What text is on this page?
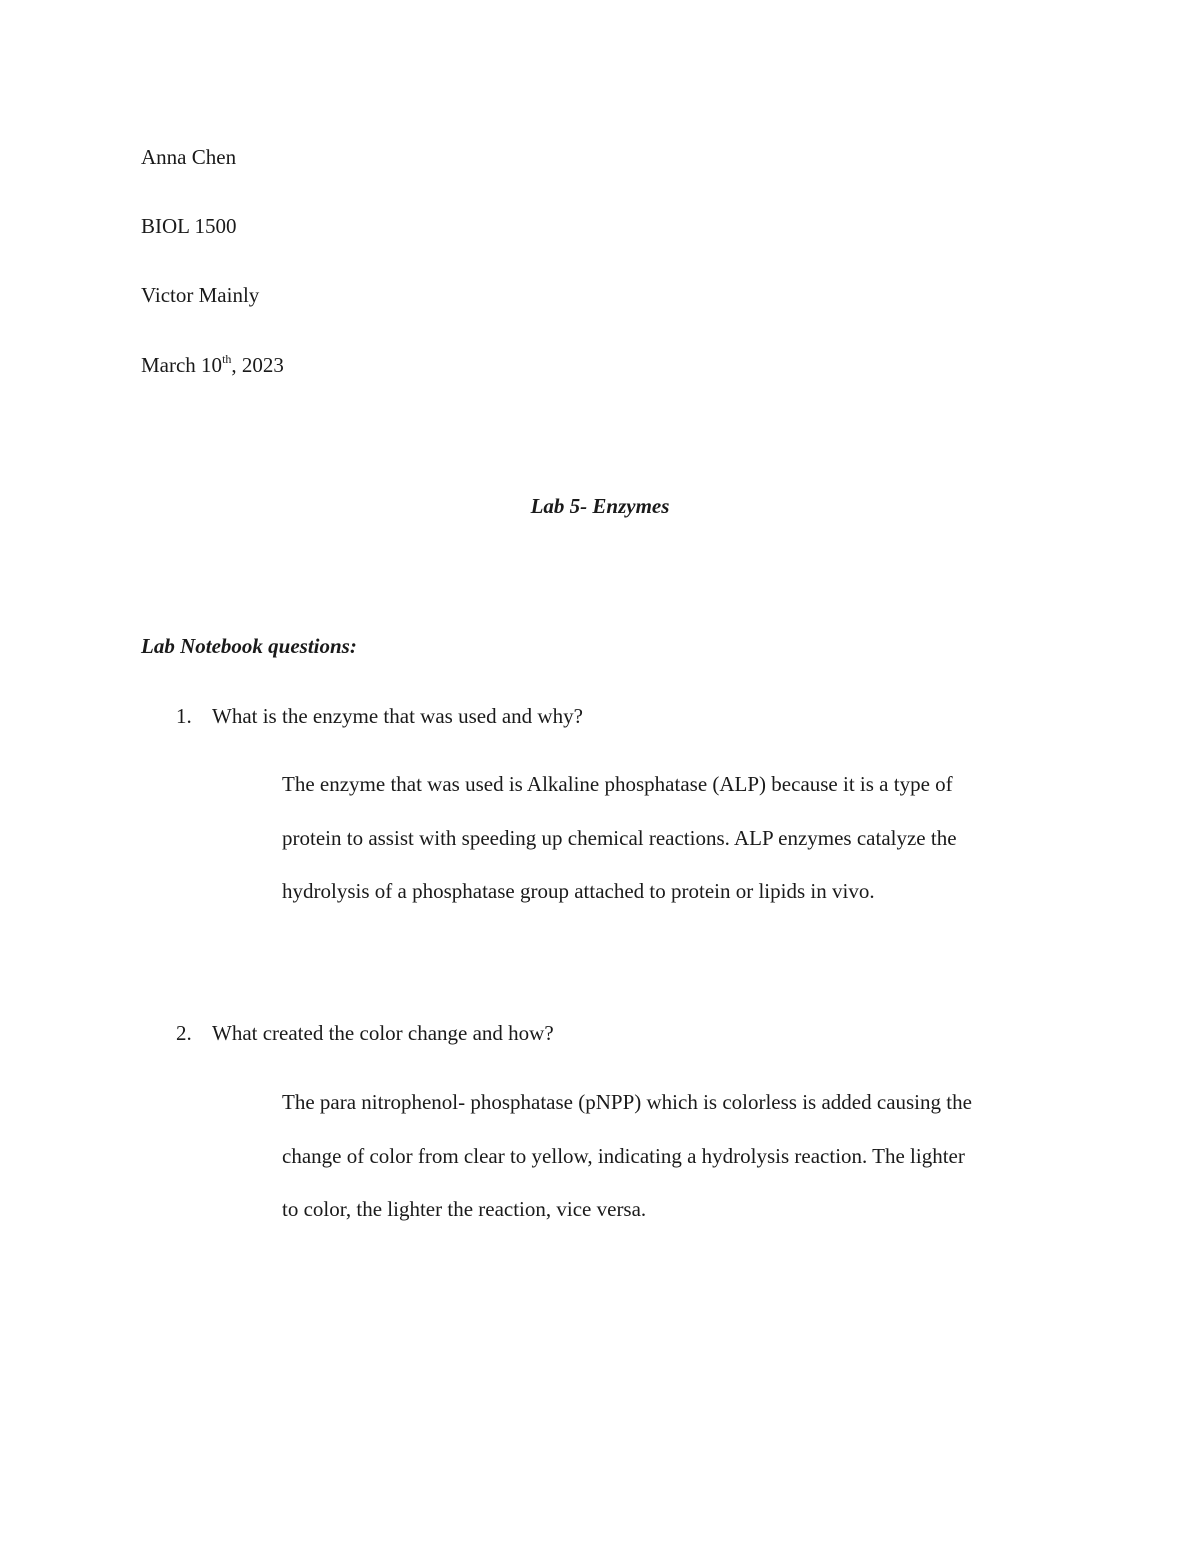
Anna Chen
BIOL 1500
Victor Mainly
March 10th, 2023
Lab 5- Enzymes
Lab Notebook questions:
1. What is the enzyme that was used and why?
The enzyme that was used is Alkaline phosphatase (ALP) because it is a type of
protein to assist with speeding up chemical reactions. ALP enzymes catalyze the
hydrolysis of a phosphatase group attached to protein or lipids in vivo.
2. What created the color change and how?
The para nitrophenol- phosphatase (pNPP) which is colorless is added causing the
change of color from clear to yellow, indicating a hydrolysis reaction. The lighter
to color, the lighter the reaction, vice versa.
